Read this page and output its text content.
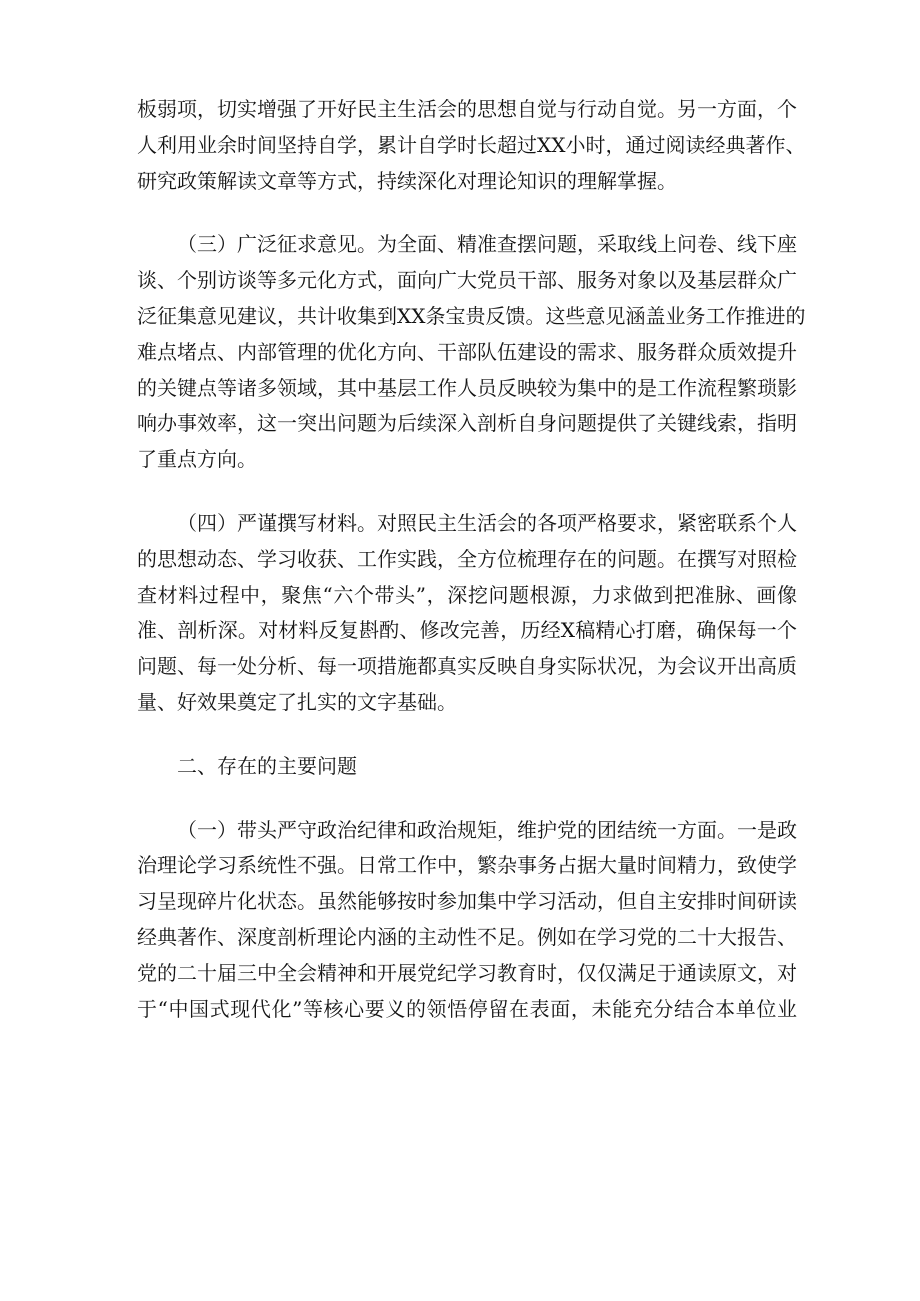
板弱项，切实增强了开好民主生活会的思想自觉与行动自觉。另一方面，个
人利用业余时间坚持自学，累计自学时长超过XX小时，通过阅读经典著作、
研究政策解读文章等方式，持续深化对理论知识的理解掌握。
（三）广泛征求意见。为全面、精准查摆问题，采取线上问卷、线下座
谈、个别访谈等多元化方式，面向广大党员干部、服务对象以及基层群众广
泛征集意见建议，共计收集到XX条宝贵反馈。这些意见涵盖业务工作推进的
难点堵点、内部管理的优化方向、干部队伍建设的需求、服务群众质效提升
的关键点等诸多领域，其中基层工作人员反映较为集中的是工作流程繁琐影
响办事效率，这一突出问题为后续深入剖析自身问题提供了关键线索，指明
了重点方向。
（四）严谨撰写材料。对照民主生活会的各项严格要求，紧密联系个人
的思想动态、学习收获、工作实践，全方位梳理存在的问题。在撰写对照检
查材料过程中，聚焦“六个带头”，深挖问题根源，力求做到把准脉、画像
准、剖析深。对材料反复斟酌、修改完善，历经X稿精心打磨，确保每一个
问题、每一处分析、每一项措施都真实反映自身实际状况，为会议开出高质
量、好效果奠定了扎实的文字基础。
二、存在的主要问题
（一）带头严守政治纪律和政治规矩，维护党的团结统一方面。一是政
治理论学习系统性不强。日常工作中，繁杂事务占据大量时间精力，致使学
习呈现碎片化状态。虽然能够按时参加集中学习活动，但自主安排时间研读
经典著作、深度剖析理论内涵的主动性不足。例如在学习党的二十大报告、
党的二十届三中全会精神和开展党纪学习教育时，仅仅满足于通读原文，对
于“中国式现代化”等核心要义的领悟停留在表面，未能充分结合本单位业
